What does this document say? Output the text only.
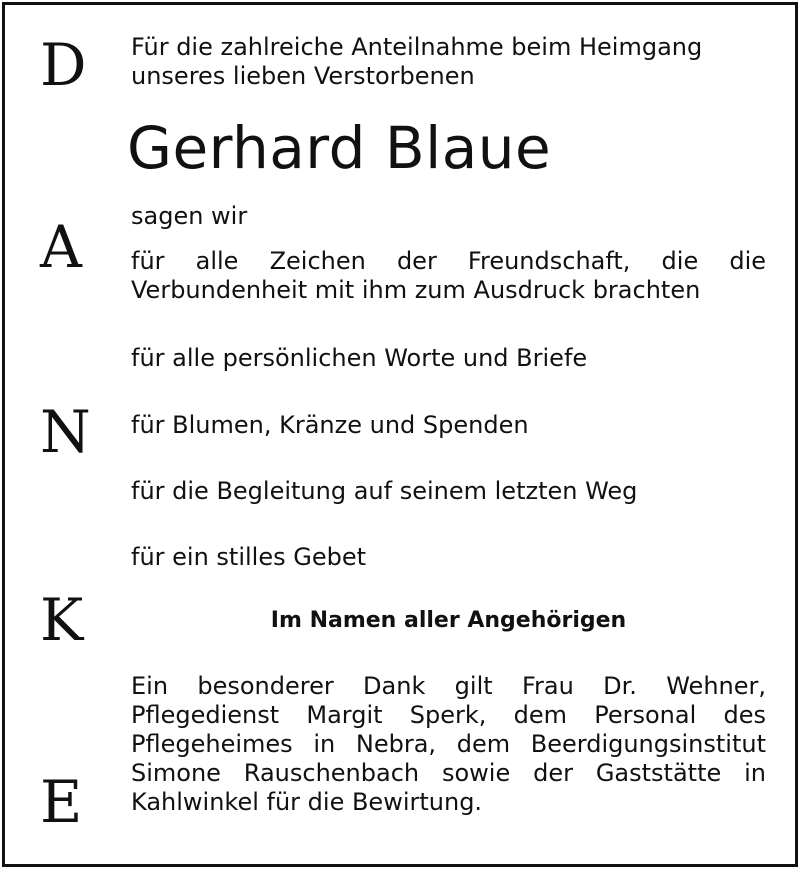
D
A
N
K
E

Für die zahlreiche Anteilnahme beim Heimgang unseres lieben Verstorbenen

Gerhard Blaue

sagen wir

für alle Zeichen der Freundschaft, die die Verbundenheit mit ihm zum Ausdruck brachten

für alle persönlichen Worte und Briefe

für Blumen, Kränze und Spenden

für die Begleitung auf seinem letzten Weg

für ein stilles Gebet

Im Namen aller Angehörigen

Ein besonderer Dank gilt Frau Dr. Wehner, Pflegedienst Margit Sperk, dem Personal des Pflegeheimes in Nebra, dem Beerdigungsinstitut Simone Rauschenbach sowie der Gaststätte in Kahlwinkel für die Bewirtung.
